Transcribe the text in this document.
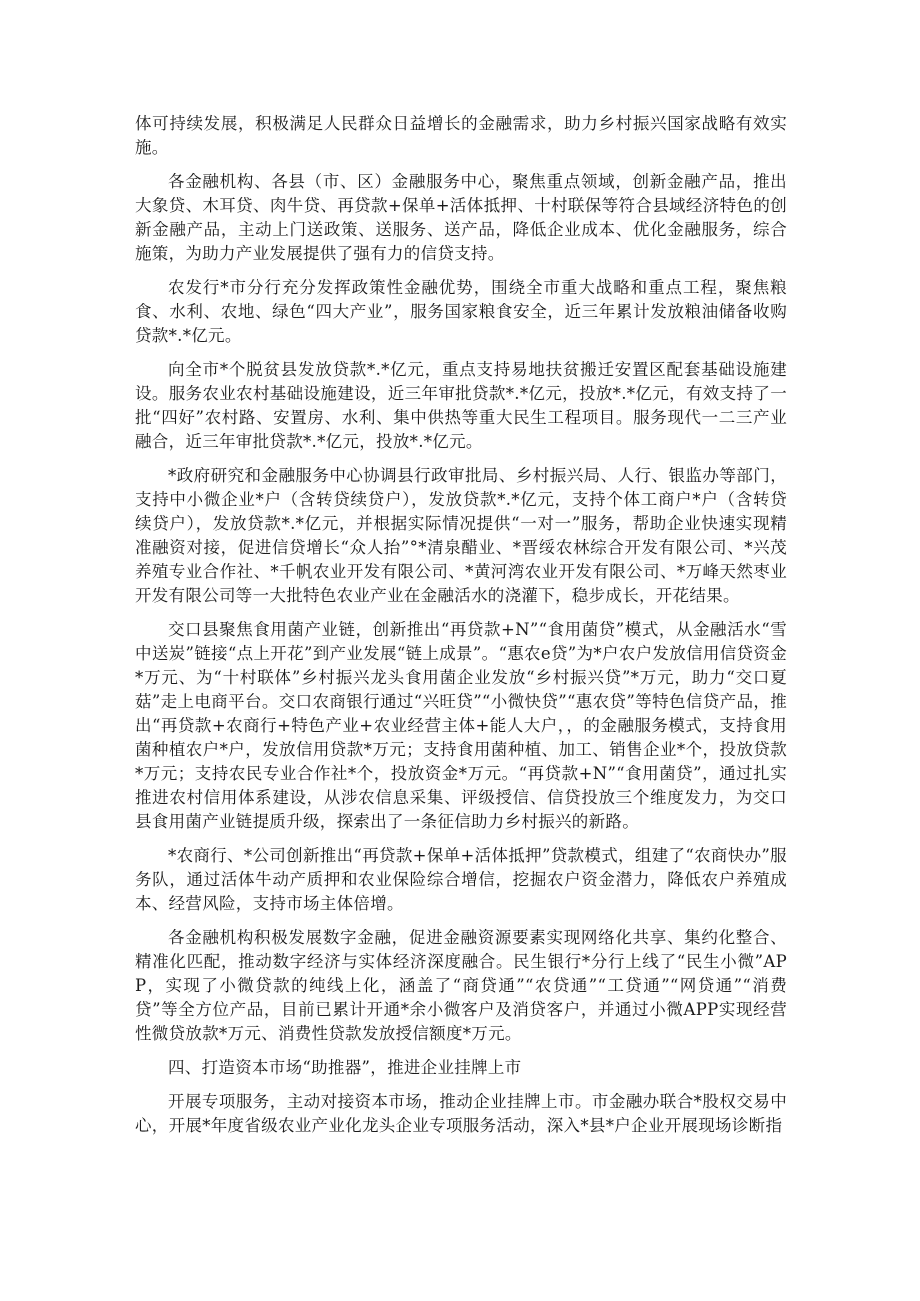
体可持续发展，积极满足人民群众日益增长的金融需求，助力乡村振兴国家战略有效实施。

各金融机构、各县（市、区）金融服务中心，聚焦重点领域，创新金融产品，推出大象贷、木耳贷、肉牛贷、再贷款+保单+活体抵押、十村联保等符合县域经济特色的创新金融产品，主动上门送政策、送服务、送产品，降低企业成本、优化金融服务，综合施策，为助力产业发展提供了强有力的信贷支持。

农发行*市分行充分发挥政策性金融优势，围绕全市重大战略和重点工程，聚焦粮食、水利、农地、绿色“四大产业”，服务国家粮食安全，近三年累计发放粮油储备收购贷款*.*亿元。

向全市*个脱贫县发放贷款*.*亿元，重点支持易地扶贫搬迁安置区配套基础设施建设。服务农业农村基础设施建设，近三年审批贷款*.*亿元，投放*.*亿元，有效支持了一批“四好”农村路、安置房、水利、集中供热等重大民生工程项目。服务现代一二三产业融合，近三年审批贷款*.*亿元，投放*.*亿元。

*政府研究和金融服务中心协调县行政审批局、乡村振兴局、人行、银监办等部门，支持中小微企业*户（含转贷续贷户），发放贷款*.*亿元，支持个体工商户*户（含转贷续贷户），发放贷款*.*亿元，并根据实际情况提供“一对一”服务，帮助企业快速实现精准融资对接，促进信贷增长“众人抬”°*清泉醋业、*晋绥农林综合开发有限公司、*兴茂养殖专业合作社、*千帆农业开发有限公司、*黄河湾农业开发有限公司、*万峰天然枣业开发有限公司等一大批特色农业产业在金融活水的浇灌下，稳步成长，开花结果。

交口县聚焦食用菌产业链，创新推出“再贷款+N”“食用菌贷”模式，从金融活水“雪中送炭”链接“点上开花”到产业发展“链上成景”。“惠农e贷”为*户农户发放信用信贷资金*万元、为“十村联体”乡村振兴龙头食用菌企业发放“乡村振兴贷”*万元，助力“交口夏菇”走上电商平台。交口农商银行通过“兴旺贷”“小微快贷”“惠农贷”等特色信贷产品，推出“再贷款+农商行+特色产业+农业经营主体+能人大户，，的金融服务模式，支持食用菌种植农户*户，发放信用贷款*万元；支持食用菌种植、加工、销售企业*个，投放贷款*万元；支持农民专业合作社*个，投放资金*万元。“再贷款+N”“食用菌贷”，通过扎实推进农村信用体系建设，从涉农信息采集、评级授信、信贷投放三个维度发力，为交口县食用菌产业链提质升级，探索出了一条征信助力乡村振兴的新路。

*农商行、*公司创新推出“再贷款+保单+活体抵押”贷款模式，组建了“农商快办”服务队，通过活体牛动产质押和农业保险综合增信，挖掘农户资金潜力，降低农户养殖成本、经营风险，支持市场主体倍增。

各金融机构积极发展数字金融，促进金融资源要素实现网络化共享、集约化整合、精准化匹配，推动数字经济与实体经济深度融合。民生银行*分行上线了“民生小微”APP，实现了小微贷款的纯线上化，涵盖了“商贷通”“农贷通”“工贷通”“网贷通”“消费贷”等全方位产品，目前已累计开通*余小微客户及消贷客户，并通过小微APP实现经营性微贷放款*万元、消费性贷款发放授信额度*万元。

四、打造资本市场“助推器”，推进企业挂牌上市

开展专项服务，主动对接资本市场，推动企业挂牌上市。市金融办联合*股权交易中心，开展*年度省级农业产业化龙头企业专项服务活动，深入*县*户企业开展现场诊断指
